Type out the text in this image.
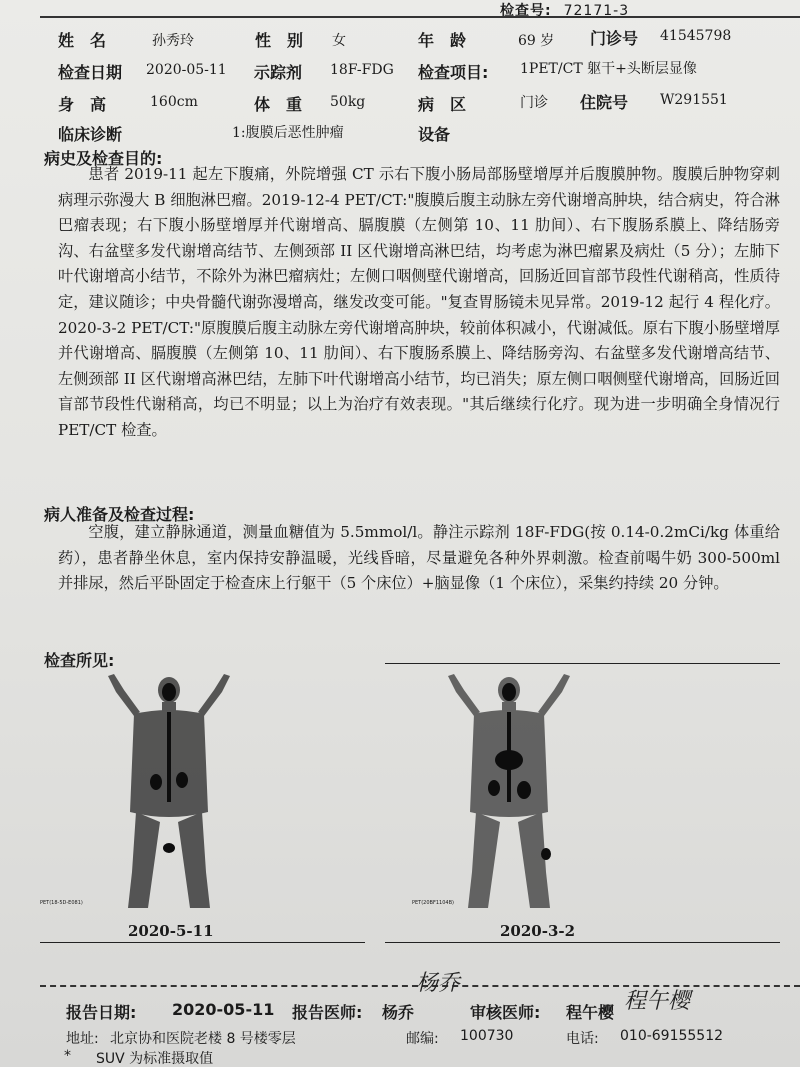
检查号: 72171-3
姓　名	孙秀玲	性　别 女	年　龄	69 岁 门诊号 41545798
检查日期 2020-05-11 示踪剂 18F-FDG 检查项目: 1PET/CT 躯干+头断层显像
身　高	160cm	体　重 50kg	病　区	门诊 住院号 W291551
临床诊断	1:腹膜后恶性肿瘤	设备
病史及检查目的:

患者 2019-11 起左下腹痛，外院增强 CT 示右下腹小肠局部肠壁增厚并后腹膜肿物。腹膜后肿物穿刺病理示弥漫大 B 细胞淋巴瘤。2019-12-4 PET/CT:"腹膜后腹主动脉左旁代谢增高肿块，结合病史，符合淋巴瘤表现；右下腹小肠壁增厚并代谢增高、膈腹膜（左侧第 10、11 肋间）、右下腹肠系膜上、降结肠旁沟、右盆壁多发代谢增高结节、左侧颈部 II 区代谢增高淋巴结，均考虑为淋巴瘤累及病灶（5 分）；左肺下叶代谢增高小结节，不除外为淋巴瘤病灶；左侧口咽侧壁代谢增高，回肠近回盲部节段性代谢稍高，性质待定，建议随诊；中央骨髓代谢弥漫增高，继发改变可能。"复查胃肠镜未见异常。2019-12 起行 4 程化疗。2020-3-2 PET/CT:"原腹膜后腹主动脉左旁代谢增高肿块，较前体积减小，代谢减低。原右下腹小肠壁增厚并代谢增高、膈腹膜（左侧第 10、11 肋间）、右下腹肠系膜上、降结肠旁沟、右盆壁多发代谢增高结节、左侧颈部 II 区代谢增高淋巴结，左肺下叶代谢增高小结节，均已消失；原左侧口咽侧壁代谢增高，回肠近回盲部节段性代谢稍高，均已不明显；以上为治疗有效表现。"其后继续行化疗。现为进一步明确全身情况行 PET/CT 检查。

病人准备及检查过程:

空腹，建立静脉通道，测量血糖值为 5.5mmol/l。静注示踪剂 18F-FDG(按 0.14-0.2mCi/kg 体重给药），患者静坐休息，室内保持安静温暖，光线昏暗，尽量避免各种外界刺激。检查前喝牛奶 300-500ml 并排尿，然后平卧固定于检查床上行躯干（5 个床位）+脑显像（1 个床位），采集约持续 20 分钟。

检查所见:
PET(18-5D-E081)	PET(20BF1104B)
2020-5-11	2020-3-2
报告日期: 2020-05-11 报告医师: 杨乔	审核医师: 程午樱
杨乔
程午樱
地址: 北京协和医院老楼 8 号楼零层	邮编: 100730	电话: 010-69155512
* SUV 为标准摄取值
